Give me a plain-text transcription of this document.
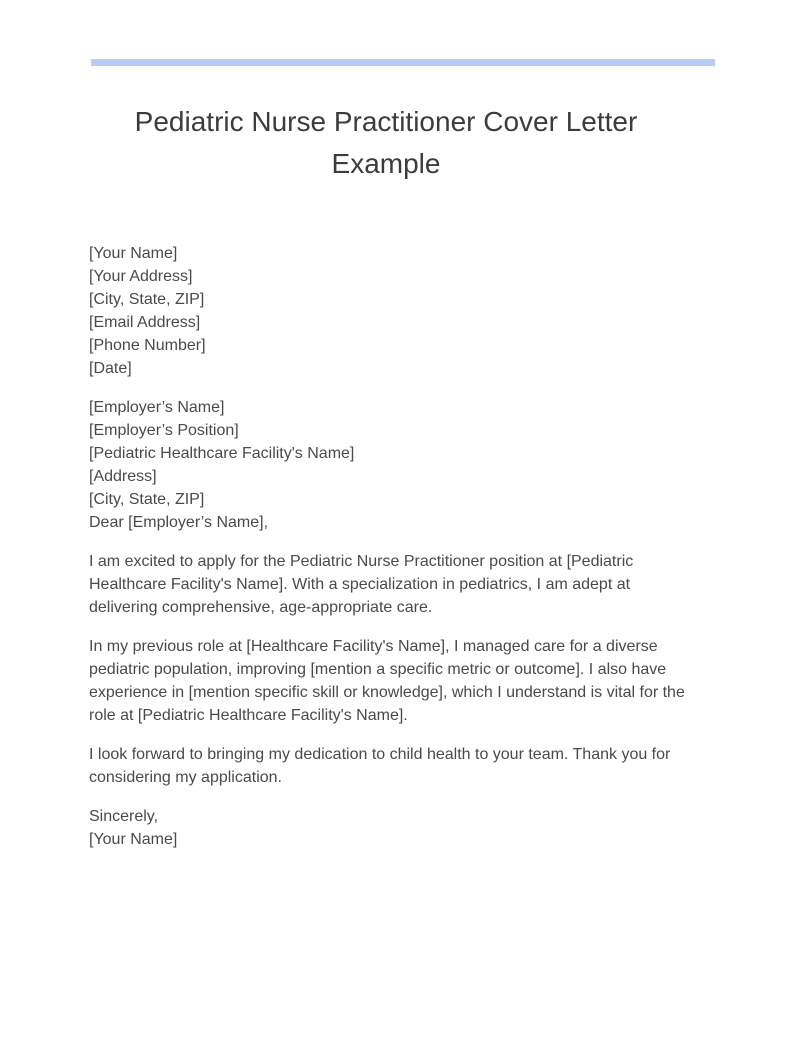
Pediatric Nurse Practitioner Cover Letter
Example
[Your Name]
[Your Address]
[City, State, ZIP]
[Email Address]
[Phone Number]
[Date]
[Employer’s Name]
[Employer’s Position]
[Pediatric Healthcare Facility's Name]
[Address]
[City, State, ZIP]
Dear [Employer’s Name],

I am excited to apply for the Pediatric Nurse Practitioner position at [Pediatric Healthcare Facility's Name]. With a specialization in pediatrics, I am adept at delivering comprehensive, age-appropriate care.

In my previous role at [Healthcare Facility's Name], I managed care for a diverse pediatric population, improving [mention a specific metric or outcome]. I also have experience in [mention specific skill or knowledge], which I understand is vital for the role at [Pediatric Healthcare Facility's Name].

I look forward to bringing my dedication to child health to your team. Thank you for considering my application.

Sincerely,
[Your Name]
